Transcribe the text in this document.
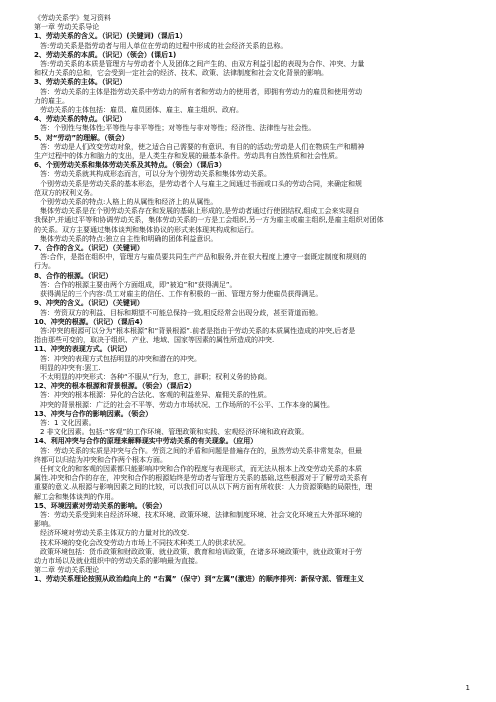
《劳动关系学》复习资料
第一章 劳动关系导论
1、劳动关系的含义。（识记）(关键词)（课后1）
答:劳动关系是指劳动者与用人单位在劳动的过程中形成的社会经济关系的总称。
2、劳动关系的本质。（识记）（领会）(课后1)
答:劳动关系的本质是管理方与劳动者个人及团体之间产生的、由双方利益引起的表现为合作、冲突、力量
和权力关系的总和，它会受到一定社会的经济、技术、政策、法律制度和社会文化背景的影响。
3、劳动关系的主体。（识记）
答：劳动关系的主体是指劳动关系中劳动力的所有者和劳动力的使用者，即拥有劳动力的雇员和使用劳动
力的雇主。
劳动关系的主体包括：雇员、雇员团体、雇主、雇主组织、政府。
4、劳动关系的特点。（识记）
答：个别性与集体性;平等性与非平等性；对等性与非对等性；经济性、法律性与社会性。
5、对“劳动”的理解。（领会）
答：劳动是人们改变劳动对象，使之适合自己需要的有意识、有目的的活动;劳动是人们在物质生产和精神
生产过程中的体力和脑力的支出，是人类生存和发展的最基本条件。劳动具有自然性质和社会性质。
6、个别劳动关系和集体劳动关系及其特点。（领会）（课后3）
答：劳动关系就其构成形态而言，可以分为个别劳动关系和集体劳动关系。
个别劳动关系是劳动关系的基本形态，是劳动者个人与雇主之间通过书面或口头的劳动合同，来确定和规
范双方的权利义务。
个别劳动关系的特点:人格上的从属性和经济上的从属性。
集体劳动关系是在个别劳动关系存在和发展的基础上形成的,是劳动者通过行使团结权,组成工会来实现自
我保护,并通过平等和协调劳动关系，集体劳动关系的一方是工会组织,另一方为雇主或雇主组织,是雇主组织对团体
的关系。双方主要通过集体谈判和集体协议的形式来体现其构成和运行。
集体劳动关系的特点:独立自主性和明确的团体利益意识。
7、合作的含义。（识记）（关键词）
答:合作，是指在组织中，管理方与雇员要共同生产产品和服务,并在很大程度上遵守一套既定制度和规则的
行为。
8、合作的根源。（识记）
答：合作的根源主要由两个方面组成，即“被迫”和“获得满足”。
获得满足的三个内容:员工对雇主的信任、工作有积极的一面、管理方努力使雇员获得满足。
9、冲突的含义。（识记）（关键词）
答：劳资双方的利益、目标和期望不可能总保持一致,相反经常会出现分歧，甚至背道而驰。
10、冲突的根源。（识记）（课后4）
答:冲突的根源可以分为“根本根源”和“背景根源”.前者是指由于劳动关系的本质属性造成的冲突,后者是
指由那些可变的，取决于组织、产业、地域、国家等因素的属性所造成的冲突.
11、冲突的表现方式。（识记）
答：冲突的表现方式包括明显的冲突和潜在的冲突。
明显的冲突有:罢工.
不太明显的冲突形式：各种“不服从”行为，怠工，辞职；权利义务的协商。
12、冲突的根本根源和背景根源。（领会）（课后2）
答：冲突的根本根源：异化的合法化、客观的利益差异、雇佣关系的性质。
冲突的背景根源：广泛的社会不平等、劳动力市场状况、工作场所的不公平、工作本身的属性。
13、冲突与合作的影响因素。（领会）
答：1 文化因素。
2 非文化因素。包括:“客观”的工作环境、管理政策和实践、宏观经济环境和政府政策。
14、利用冲突与合作的原理来解释现实中劳动关系的有关现象。（应用）
答：劳动关系的实质是冲突与合作。劳资之间的矛盾和问题是普遍存在的，虽然劳动关系非常复杂，但最
终都可以归结为冲突和合作两个根本方面。
任何文化的和客观的因素都只能影响冲突和合作的程度与表现形式，而无法从根本上改变劳动关系的本质
属性.冲突和合作的存在，冲突和合作的根源始终是劳动者与管理方关系的基础,这些根源对于了解劳动关系有
重要的意义.从根源与影响因素之间的比较，可以我们可以从以下两方面有所收获：人力资源策略的局限性，理
解工会和集体谈判的作用。
15、环境因素对劳动关系的影响。（领会）
答：劳动关系受到来自经济环境、技术环境、政策环境、法律和制度环境、社会文化环境五大外部环境的
影响。
经济环境对劳动关系主体双方的力量对比的改变.
技术环境的变化会改变劳动力市场上不同技术种类工人的供求状况。
政策环境包括：货币政策和财政政策、就业政策、教育和培训政策，在诸多环境政策中，就业政策对于劳
动力市场以及就业组织中的劳动关系的影响最为直接。
第二章 劳动关系理论
1、劳动关系理论按照从政治趋向上的 “右翼”（保守）到“左翼”(激进）的顺序排列：新保守派、管理主义
1
